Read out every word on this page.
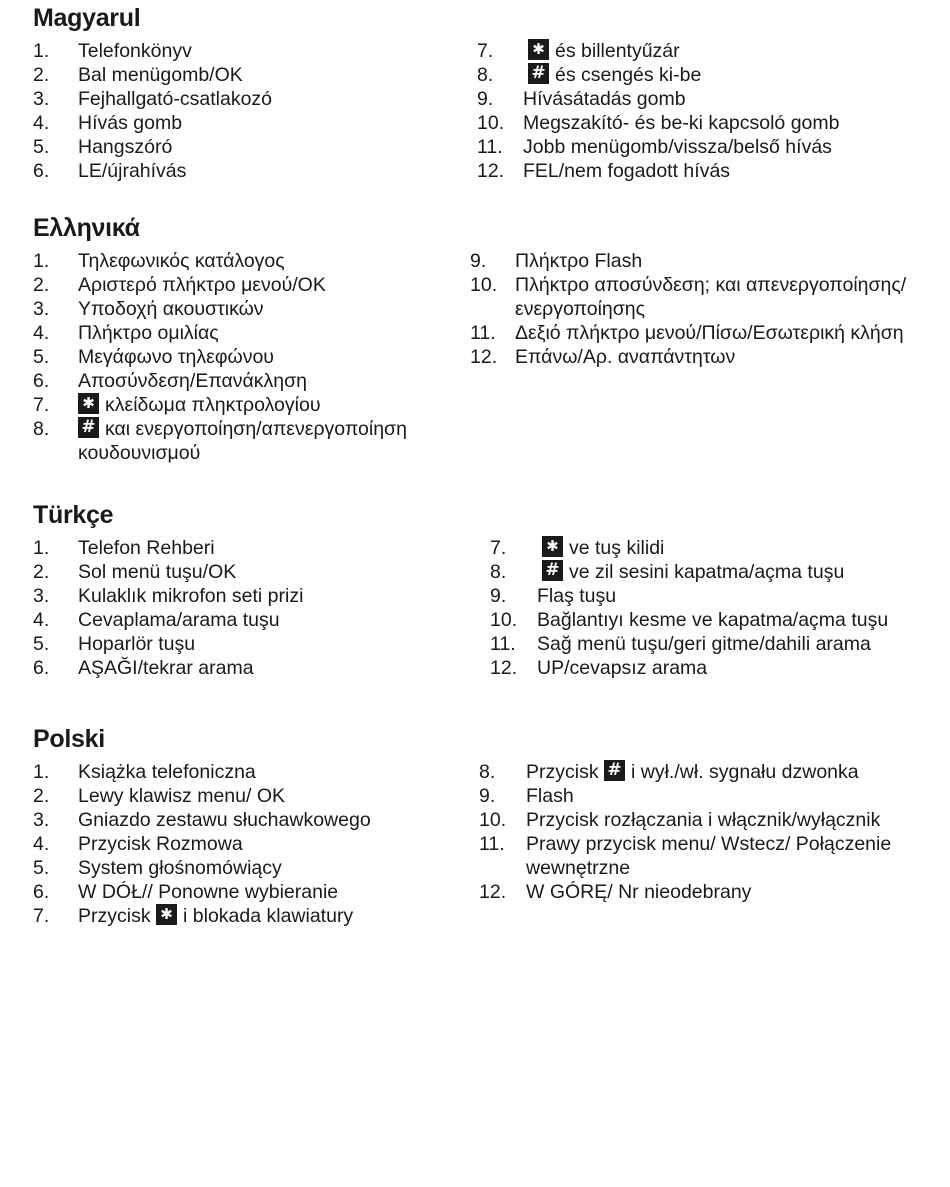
Magyarul
1.	Telefonkönyv
2.	Bal menügomb/OK
3.	Fejhallgató-csatlakozó
4.	Hívás gomb
5.	Hangszóró
6.	LE/újrahívás
7. ✱	és billentyűzár
8. #	és csengés ki-be
9.	Hívásátadás gomb
10. Megszakító- és be-ki kapcsoló gomb
11.	Jobb menügomb/vissza/belső hívás
12. FEL/nem fogadott hívás
Ελληνικά
1.	Τηλεφωνικός κατάλογος
2.	Αριστερό πλήκτρο μενού/OK
3.	Υποδοχή ακουστικών
4.	Πλήκτρο ομιλίας
5.	Μεγάφωνο τηλεφώνου
6.	Αποσύνδεση/Επανάκληση
7. ✱	κλείδωμα πληκτρολογίου
8. #	και ενεργοποίηση/απενεργοποίηση κουδουνισμού
9.	Πλήκτρο Flash
10. Πλήκτρο αποσύνδεση; και απενεργοποίησης/ενεργοποίησης
11. Δεξιό πλήκτρο μενού/Πίσω/Εσωτερική κλήση
12. Επάνω/Αρ. αναπάντητων
Türkçe
1.	Telefon Rehberi
2.	Sol menü tuşu/OK
3.	Kulaklık mikrofon seti prizi
4.	Cevaplama/arama tuşu
5.	Hoparlör tuşu
6.	AŞAĞI/tekrar arama
7. ✱	ve tuş kilidi
8. #	ve zil sesini kapatma/açma tuşu
9.	Flaş tuşu
10.	Bağlantıyı kesme ve kapatma/açma tuşu
11.	Sağ menü tuşu/geri gitme/dahili arama
12.	UP/cevapsız arama
Polski
1.	Książka telefoniczna
2.	Lewy klawisz menu/ OK
3.	Gniazdo zestawu słuchawkowego
4.	Przycisk Rozmowa
5.	System głośnomówiący
6.	W DÓŁ// Ponowne wybieranie
7.	Przycisk ✱ i blokada klawiatury
8.	Przycisk # i wył./wł. sygnału dzwonka
9.	Flash
10.	Przycisk rozłączania i włącznik/wyłącznik
11.	Prawy przycisk menu/ Wstecz/ Połączenie wewnętrzne
12.	W GÓRĘ/ Nr nieodebrany
